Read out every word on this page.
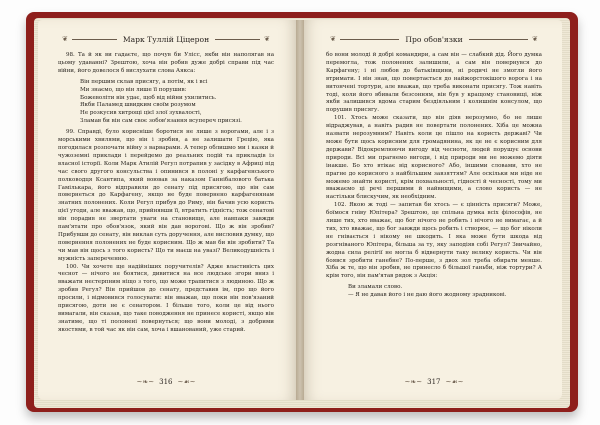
❦	Марк Туллій Ціцерон	❦

98. Та й як ви гадаєте, що почув би Улісс, якби він наполягав на цьому удаванні? Зрештою, хоча він робив дуже добрі справи під час війни, його довелося б вислухати слова Аякса:

Він першим склав присягу, а потім, як і всі
Ми знаємо, що він лише її порушив:
Божеволіти він удає, щоб від війни ухилитись.
Якби Паламед швидким своїм розумом
Не розкусив хитрощі цієї злої зухвалості,
Зламав би він сам своє зобов'язання всупереч присязі.

99. Справді, було корисніше боротися не лише з ворогами, але і з морськими хвилями, що він і зробив, а не залишати Грецію, яка погодилася розпочати війну з варварами. А тепер облишмо ми і казки й чужоземні приклади і перейдемо до реальних подій та прикладів із власної історії. Коли Марк Атилій Регул потрапив у засідку в Африці під час свого другого консульства і опинився в полоні у карфагенського полководця Ксантипа, який воював за наказом Ганнібалового батька Гамількара, його відправили до сенату під присягою, що він сам повернеться до Карфагену, якщо не буде повернено карфагенянам знатних полонених. Коли Регул прибув до Риму, він бачив усю користь цієї угоди, але вважав, що, прийнявши її, втратить гідність; тож сенатові він порадив не звертати уваги на становище, але навпаки завжди пам'ятати про обов'язок, який він дав ворогові. Що ж він зробив? Прибувши до сенату, він виклав суть доручення, але висловив думку, що повернення полонених не буде корисним. Що ж мав би він зробити? Та чи мав він щось з того користь? Що ти маєш на увазі? Великодушність і мужність запереченню.

100. Чи хочете ще надійніших поручителів? Адже властивість цих чеснот — нічого не боятися, дивитися на все людське згори вниз і вважати нестерпним ніщо з того, що може трапитися з людиною. Що ж зробив Регул? Він прийшов до сенату, представив ім, про що його просили, і відмовився голосувати: він вважав, що поки він пов'язаний присягою, доти не є сенатором. І більше того, коли це від нього вимагали, він сказав, що таке поводження не принесе користі, якщо він знатиме, що ті полонені повернуться; що вони молоді, з добрими якостями, в той час як він сам, хоча і вшанований, уже старий.

~❧~ 316 ~☙~
❦	Про обов'язки	❦

бо вони молоді й добрі командири, а сам він — слабкий дід. Його думка перемогла, тож полонених залишили, а сам він повернувся до Карфагену; і ні любов до батьківщини, ні родичі не змогли його втримати. І він знав, що повертається до найжорстокішого ворога і на витончені тортури, але вважав, що треба виконати присягу. Тож навіть тоді, коли його вбивали безсонням, він був у кращому становищі, ніж якби залишився вдома старим бездіяльним і колишнім консулом, що порушив присягу.

101. Хтось може сказати, що він діяв нерозумно, бо не лише відраджував, а навіть радив не повертати полонених. Хіба це можна назвати нерозумним? Навіть коли це пішло на користь державі? Чи може бути щось корисним для громадянина, як це не є корисним для держави? Відокремлюючи вигоду від чесноти, людей порушує основи природи. Всі ми прагнемо вигоди, і від природи ми не можемо діяти інакше. Бо хто втікає від корисного? Або, іншими словами, хто не прагне до корисного з найбільшим завзяттям? Але оскільки ми ніде не можемо знайти користі, крім похвальності, гідності й чесності, тому ми вважаємо ці речі першими й найвищими, а слово користь — не настільки блискучим, як необхідним.

102. Якою ж тоді — запитав би хтось — є цінність присяги? Може, боїмося гніву Юпітера? Зрештою, це спільна думка всіх філософів, не лише тих, хто вважає, що бог нічого не робить і нічого не вимагає, а й тих, хто вважає, що бог завжди щось робить і створює, — що бог ніколи не гнівається і нікому не шкодить. І яка може бути шкода від розгніваного Юпітера, більша за ту, яку заподіяв собі Регул? Звичайно, жодна сила релігії не могла б відвернути таку велику користь. Чи він боявся зробити ганебне? По-перше, з двох зол треба обирати менше. Хіба ж те, що він зробив, не принесло б більшої ганьби, ніж тортури? А крім того, він пам'ятав рядок з Акція:

Ви зламали слово.
— Я не давав його і не даю його жодному зрадникові.
~❧~ 317 ~☙~
